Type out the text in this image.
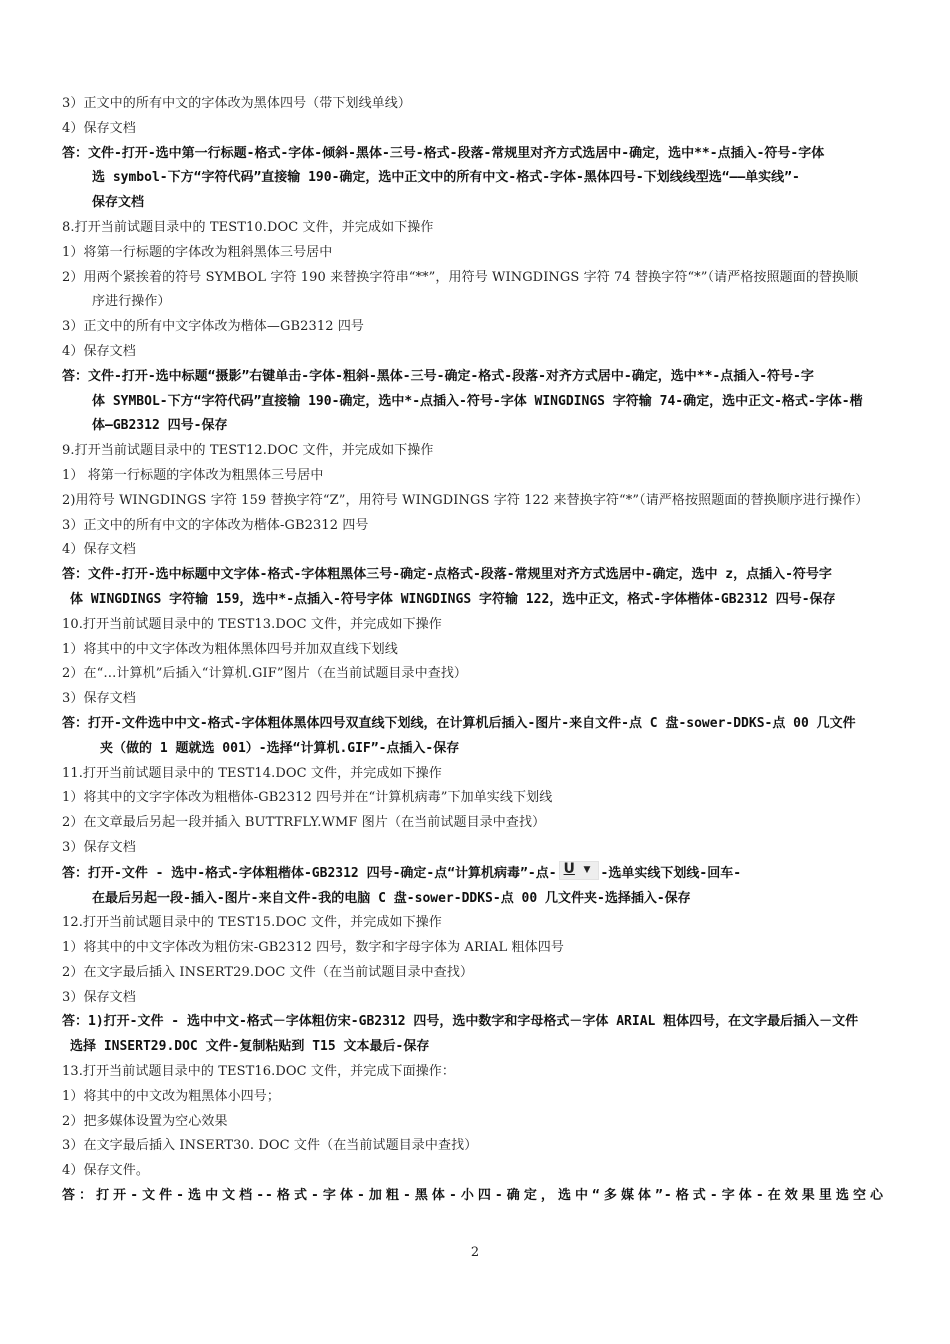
3）正文中的所有中文的字体改为黑体四号（带下划线单线）
4）保存文档
答：文件-打开-选中第一行标题-格式-字体-倾斜-黑体-三号-格式-段落-常规里对齐方式选居中-确定，选中**-点插入-符号-字体
选 symbol-下方“字符代码”直接输 190-确定，选中正文中的所有中文-格式-字体-黑体四号-下划线线型选“——单实线”-
保存文档
8.打开当前试题目录中的 TEST10.DOC 文件，并完成如下操作
1）将第一行标题的字体改为粗斜黑体三号居中
2）用两个紧挨着的符号 SYMBOL 字符 190 来替换字符串“**”，用符号 WINGDINGS 字符 74 替换字符“*”（请严格按照题面的替换顺
序进行操作）
3）正文中的所有中文字体改为楷体—GB2312 四号
4）保存文档
答：文件-打开-选中标题“摄影”右键单击-字体-粗斜-黑体-三号-确定-格式-段落-对齐方式居中-确定，选中**-点插入-符号-字
体 SYMBOL-下方“字符代码”直接输 190-确定，选中*-点插入-符号-字体 WINGDINGS 字符输 74-确定，选中正文-格式-字体-楷
体—GB2312 四号-保存
9.打开当前试题目录中的 TEST12.DOC 文件，并完成如下操作
1） 将第一行标题的字体改为粗黑体三号居中
2)用符号 WINGDINGS 字符 159 替换字符“Z”，用符号 WINGDINGS 字符 122 来替换字符“*”（请严格按照题面的替换顺序进行操作）
3）正文中的所有中文的字体改为楷体-GB2312 四号
4）保存文档
答：文件-打开-选中标题中文字体-格式-字体粗黑体三号-确定-点格式-段落-常规里对齐方式选居中-确定，选中 z，点插入-符号字
体 WINGDINGS 字符输 159，选中*-点插入-符号字体 WINGDINGS 字符输 122，选中正文，格式-字体楷体-GB2312 四号-保存
10.打开当前试题目录中的 TEST13.DOC 文件，并完成如下操作
1）将其中的中文字体改为粗体黑体四号并加双直线下划线
2）在“…计算机”后插入“计算机.GIF”图片（在当前试题目录中查找）
3）保存文档
答：打开-文件选中中文-格式-字体粗体黑体四号双直线下划线，在计算机后插入-图片-来自文件-点 C 盘-sower-DDKS-点 00 几文件
夹（做的 1 题就选 001）-选择“计算机.GIF”-点插入-保存
11.打开当前试题目录中的 TEST14.DOC 文件，并完成如下操作
1）将其中的文字字体改为粗楷体-GB2312 四号并在“计算机病毒”下加单实线下划线
2）在文章最后另起一段并插入 BUTTRFLY.WMF 图片（在当前试题目录中查找）
3）保存文档
答：打开-文件 - 选中-格式-字体粗楷体-GB2312 四号-确定-点“计算机病毒”-点- U ▼ -选单实线下划线-回车-
在最后另起一段-插入-图片-来自文件-我的电脑 C 盘-sower-DDKS-点 00 几文件夹-选择插入-保存
12.打开当前试题目录中的 TEST15.DOC 文件，并完成如下操作
1）将其中的中文字体改为粗仿宋-GB2312 四号，数字和字母字体为 ARIAL 粗体四号
2）在文字最后插入 INSERT29.DOC 文件（在当前试题目录中查找）
3）保存文档
答：1)打开-文件 - 选中中文-格式－字体粗仿宋-GB2312 四号，选中数字和字母格式－字体 ARIAL 粗体四号，在文字最后插入－文件
选择 INSERT29.DOC 文件-复制粘贴到 T15 文本最后-保存
13.打开当前试题目录中的 TEST16.DOC 文件，并完成下面操作：
1）将其中的中文改为粗黑体小四号；
2）把多媒体设置为空心效果
3）在文字最后插入 INSERT30. DOC 文件（在当前试题目录中查找）
4）保存文件。
答：打开-文件-选中文档--格式-字体-加粗-黑体-小四-确定，选中“多媒体”-格式-字体-在效果里选空心
2
